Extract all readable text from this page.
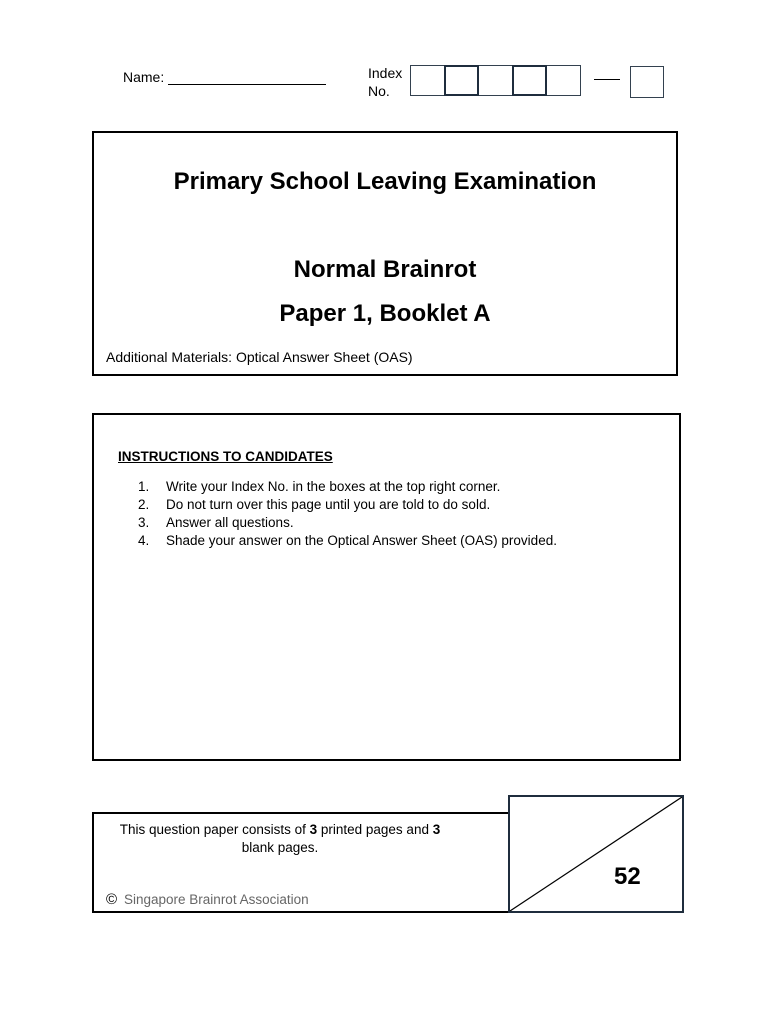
Name:	Index
No.
Primary School Leaving Examination
Normal Brainrot
Paper 1, Booklet A
Additional Materials: Optical Answer Sheet (OAS)
INSTRUCTIONS TO CANDIDATES
1.	Write your Index No. in the boxes at the top right corner.
2.	Do not turn over this page until you are told to do sold.
3.	Answer all questions.
4.	Shade your answer on the Optical Answer Sheet (OAS) provided.
This question paper consists of 3 printed pages and 3
blank pages.
© Singapore Brainrot Association
52
